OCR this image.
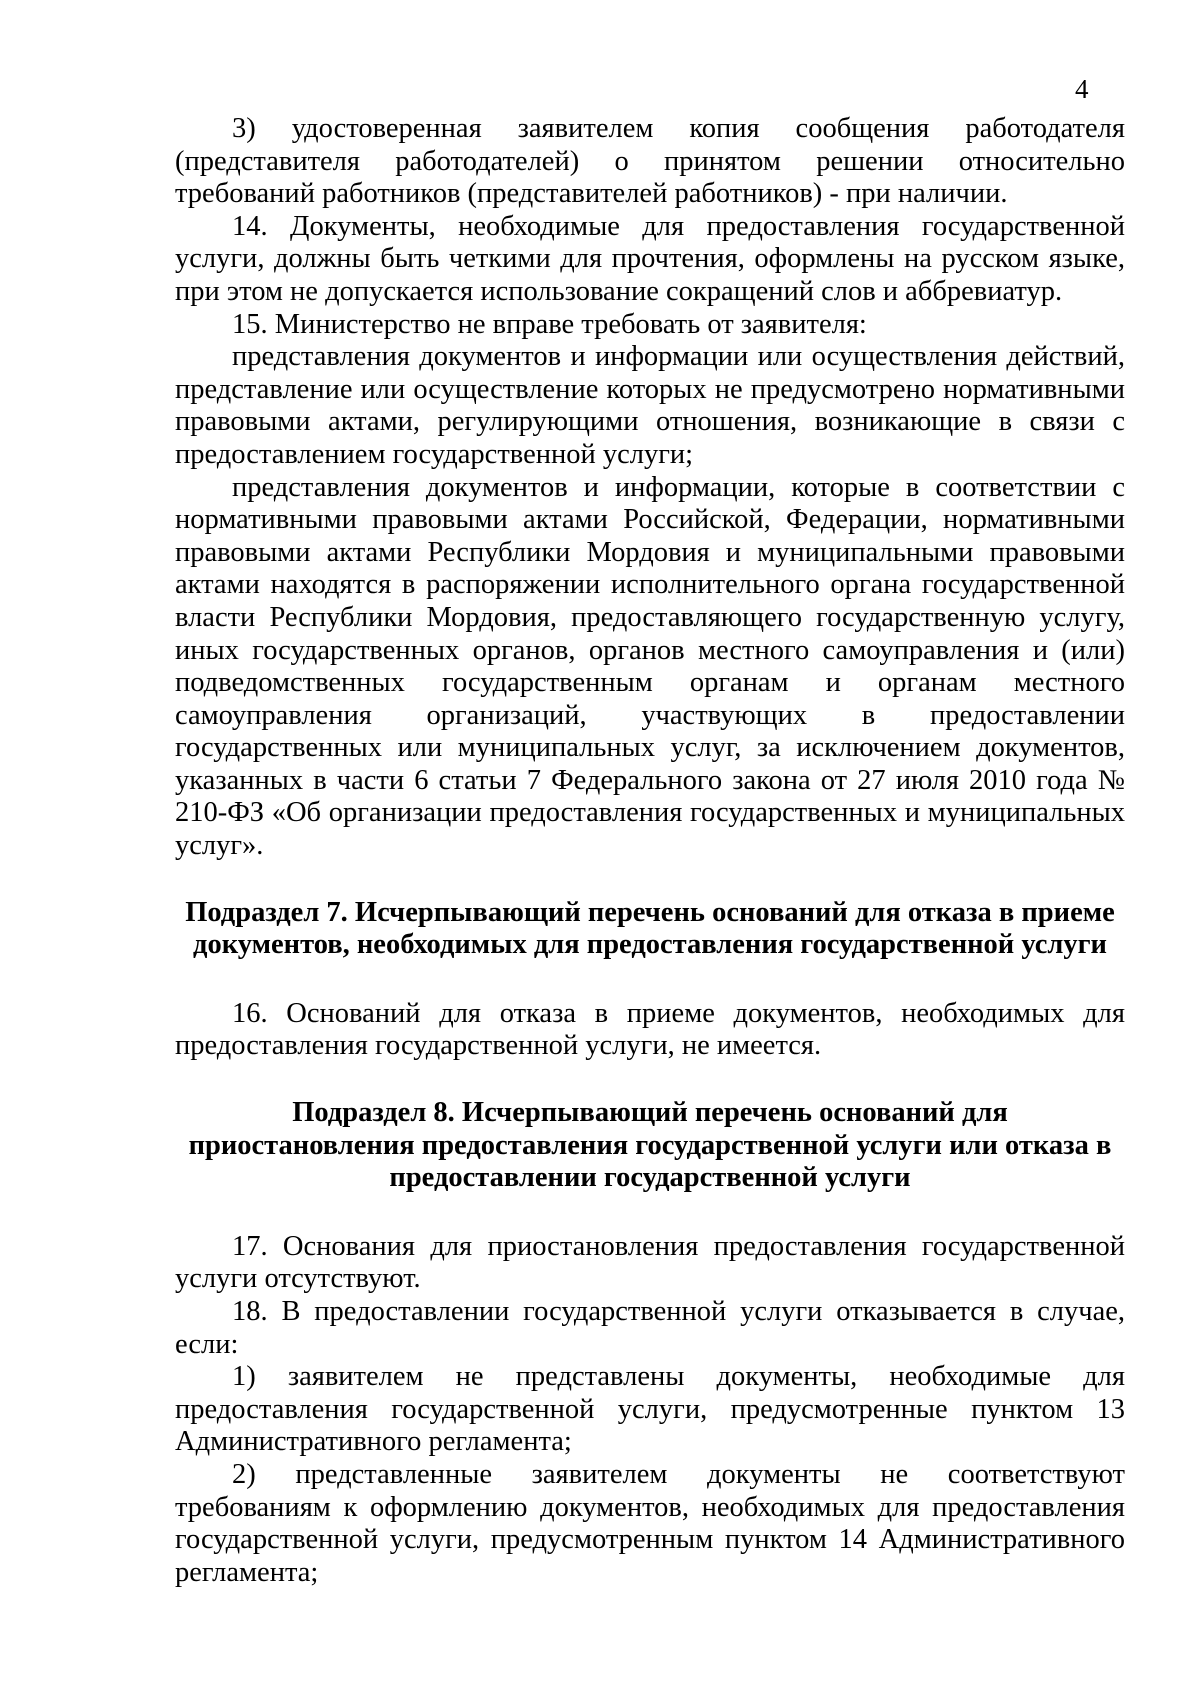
4

3) удостоверенная заявителем копия сообщения работодателя (представителя работодателей) о принятом решении относительно требований работников (представителей работников) - при наличии.

14. Документы, необходимые для предоставления государственной услуги, должны быть четкими для прочтения, оформлены на русском языке, при этом не допускается использование сокращений слов и аббревиатур.

15. Министерство не вправе требовать от заявителя:

представления документов и информации или осуществления действий, представление или осуществление которых не предусмотрено нормативными правовыми актами, регулирующими отношения, возникающие в связи с предоставлением государственной услуги;

представления документов и информации, которые в соответствии с нормативными правовыми актами Российской, Федерации, нормативными правовыми актами Республики Мордовия и муниципальными правовыми актами находятся в распоряжении исполнительного органа государственной власти Республики Мордовия, предоставляющего государственную услугу, иных государственных органов, органов местного самоуправления и (или) подведомственных государственным органам и органам местного самоуправления организаций, участвующих в предоставлении государственных или муниципальных услуг, за исключением документов, указанных в части 6 статьи 7 Федерального закона от 27 июля 2010 года № 210-ФЗ «Об организации предоставления государственных и муниципальных услуг».

Подраздел 7. Исчерпывающий перечень оснований для отказа в приеме

документов, необходимых для предоставления государственной услуги

16. Оснований для отказа в приеме документов, необходимых для предоставления государственной услуги, не имеется.

Подраздел 8. Исчерпывающий перечень оснований для

приостановления предоставления государственной услуги или отказа в

предоставлении государственной услуги

17. Основания для приостановления предоставления государственной услуги отсутствуют.

18. В предоставлении государственной услуги отказывается в случае, если:

1) заявителем не представлены документы, необходимые для предоставления государственной услуги, предусмотренные пунктом 13 Административного регламента;

2) представленные заявителем документы не соответствуют требованиям к оформлению документов, необходимых для предоставления государственной услуги, предусмотренным пунктом 14 Административного регламента;
